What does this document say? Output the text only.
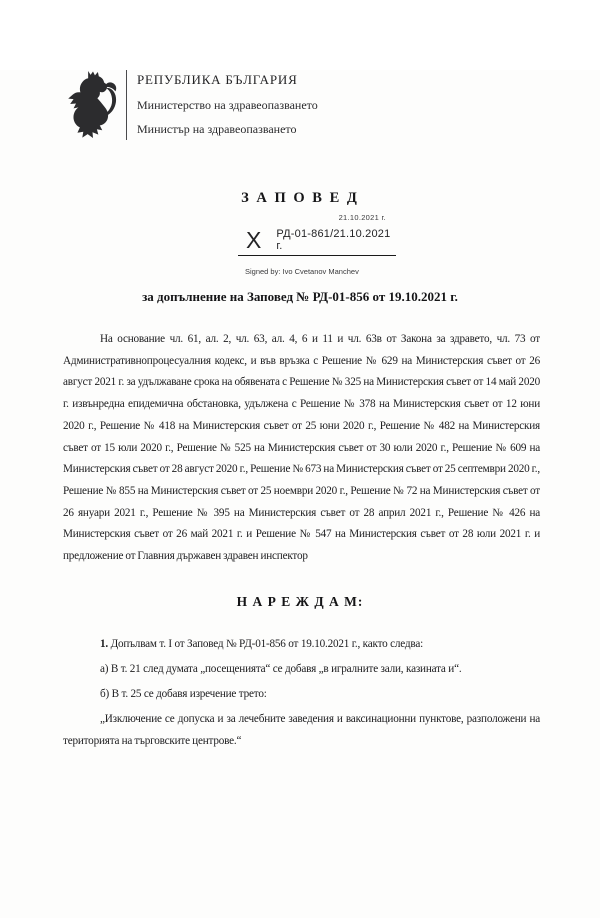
РЕПУБЛИКА БЪЛГАРИЯ
Министерство на здравеопазването
Министър на здравеопазването
З А П О В Е Д
21.10.2021 г.
X РД-01-861/21.10.2021 г.
Signed by: Ivo Cvetanov Manchev
за допълнение на Заповед № РД-01-856 от 19.10.2021 г.

На основание чл. 61, ал. 2, чл. 63, ал. 4, 6 и 11 и чл. 63в от Закона за здравето, чл. 73 от Административнопроцесуалния кодекс, и във връзка с Решение № 629 на Министерския съвет от 26 август 2021 г. за удължаване срока на обявената с Решение № 325 на Министерския съвет от 14 май 2020 г. извънредна епидемична обстановка, удължена с Решение № 378 на Министерския съвет от 12 юни 2020 г., Решение № 418 на Министерския съвет от 25 юни 2020 г., Решение № 482 на Министерския съвет от 15 юли 2020 г., Решение № 525 на Министерския съвет от 30 юли 2020 г., Решение № 609 на Министерския съвет от 28 август 2020 г., Решение № 673 на Министерския съвет от 25 септември 2020 г., Решение № 855 на Министерския съвет от 25 ноември 2020 г., Решение № 72 на Министерския съвет от 26 януари 2021 г., Решение № 395 на Министерския съвет от 28 април 2021 г., Решение № 426 на Министерския съвет от 26 май 2021 г. и Решение № 547 на Министерския съвет от 28 юли 2021 г. и предложение от Главния държавен здравен инспектор

Н А Р Е Ж Д А М:

1. Допълвам т. I от Заповед № РД-01-856 от 19.10.2021 г., както следва:

а) В т. 21 след думата „посещенията“ се добавя „в игралните зали, казината и“.

б) В т. 25 се добавя изречение трето:

„Изключение се допуска и за лечебните заведения и ваксинационни пунктове, разположени на територията на търговските центрове.“
